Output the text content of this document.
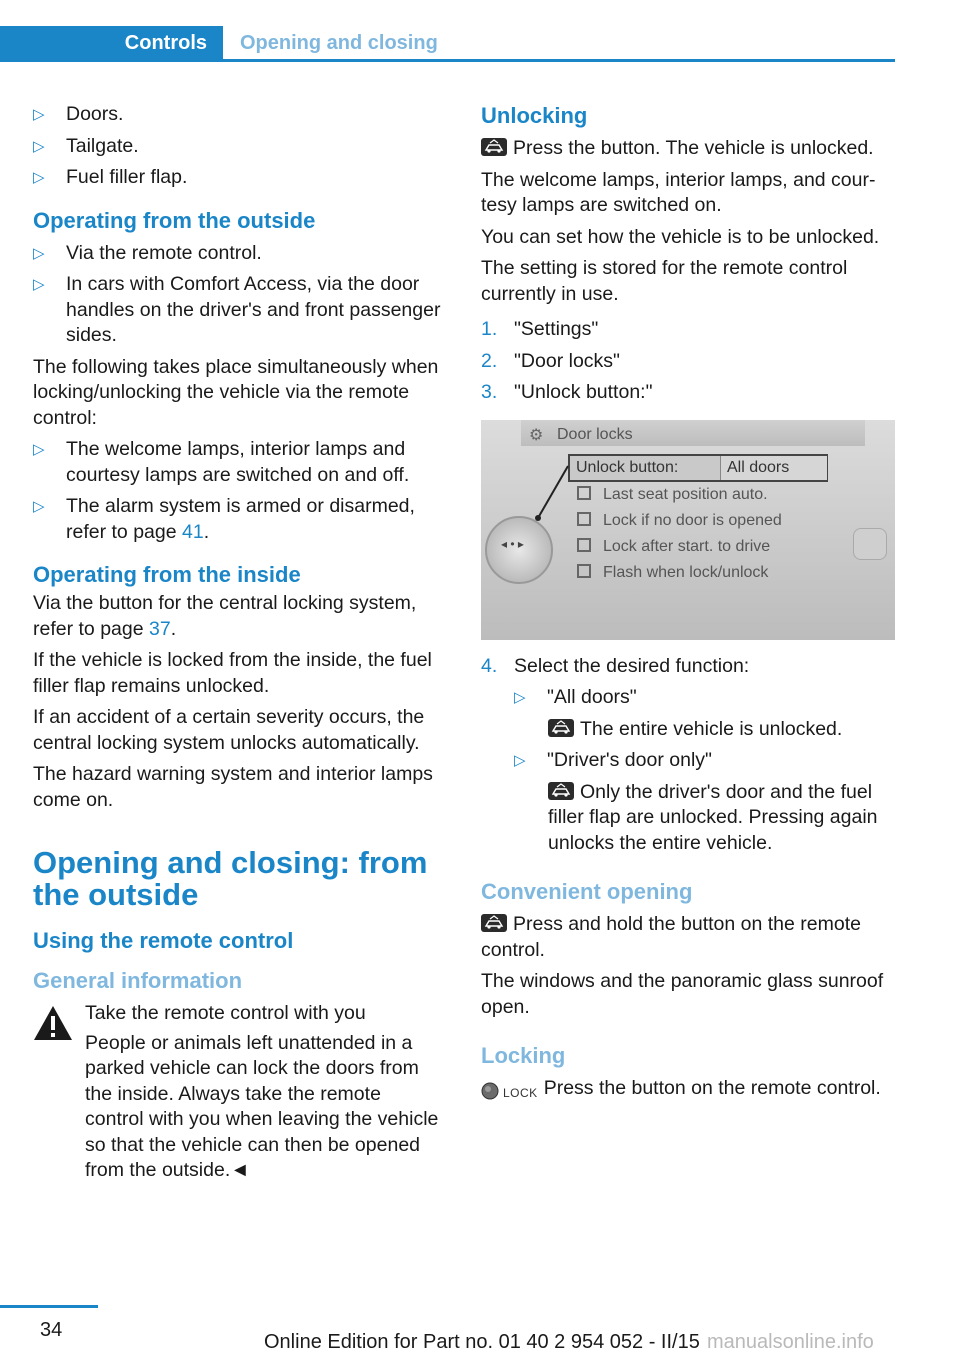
Controls	Opening and closing
▷ Doors.
▷ Tailgate.
▷ Fuel filler flap.
Operating from the outside
▷ Via the remote control.
▷ In cars with Comfort Access, via the door handles on the driver's and front passenger sides.

The following takes place simultaneously when locking/unlocking the vehicle via the remote control:

▷ The welcome lamps, interior lamps and courtesy lamps are switched on and off.
▷ The alarm system is armed or disarmed, refer to page 41.
Operating from the inside

Via the button for the central locking system, refer to page 37.

If the vehicle is locked from the inside, the fuel filler flap remains unlocked.

If an accident of a certain severity occurs, the central locking system unlocks automatically.

The hazard warning system and interior lamps come on.

Opening and closing: from the outside
Using the remote control
General information

Take the remote control with you

People or animals left unattended in a parked vehicle can lock the doors from the inside. Always take the remote control with you when leaving the vehicle so that the vehicle can then be opened from the outside.◄

Unlocking

Press the button. The vehicle is unlocked.

The welcome lamps, interior lamps, and courtesy lamps are switched on.

You can set how the vehicle is to be unlocked.

The setting is stored for the remote control currently in use.

1. "Settings"
2. "Door locks"
3. "Unlock button:"
⚙ Door locks
Unlock button:	All doors
Last seat position auto.
Lock if no door is opened
Lock after start. to drive
Flash when lock/unlock
◂ • ▸
4. Select the desired function:
▷ "All doors"

The entire vehicle is unlocked.

▷ "Driver's door only"

Only the driver's door and the fuel filler flap are unlocked. Pressing again unlocks the entire vehicle.

Convenient opening

Press and hold the button on the remote control.

The windows and the panoramic glass sunroof open.

Locking

LOCK Press the button on the remote control.

34
Online Edition for Part no. 01 40 2 954 052 - II/15 manualsonline.info
